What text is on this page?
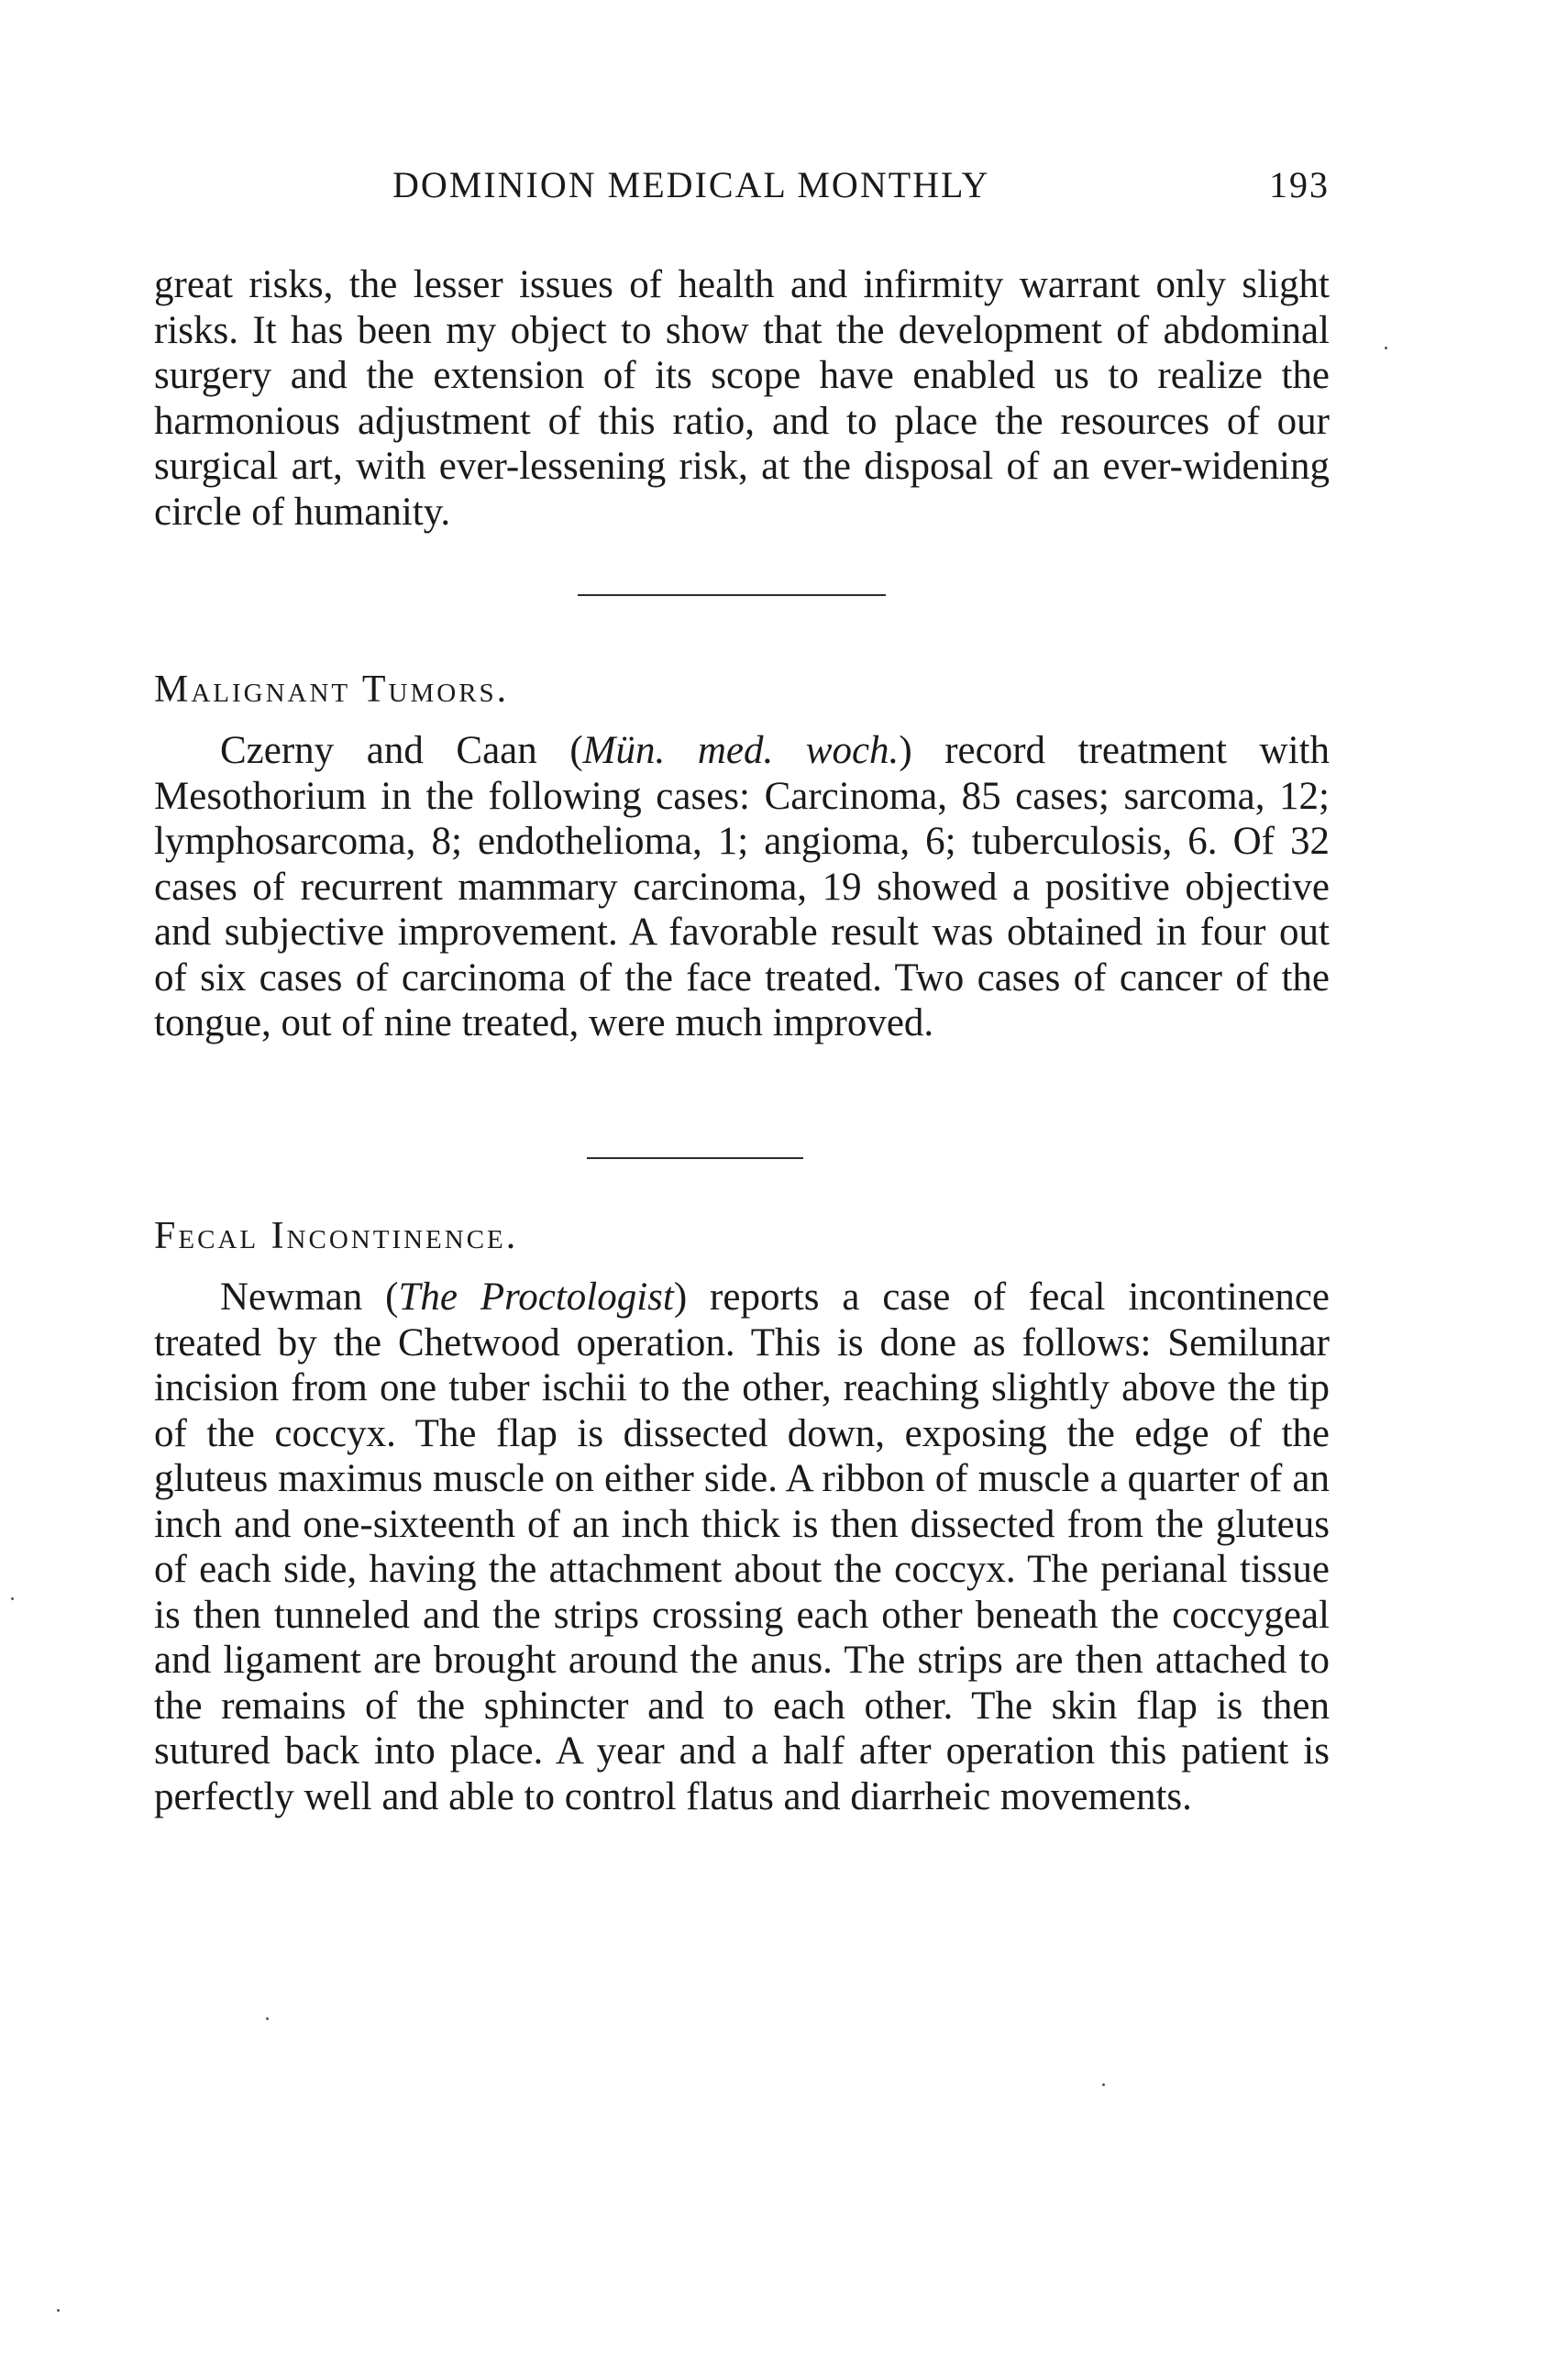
DOMINION MEDICAL MONTHLY	193

great risks, the lesser issues of health and infirmity warrant only slight risks. It has been my object to show that the development of abdominal surgery and the extension of its scope have enabled us to realize the harmonious adjustment of this ratio, and to place the resources of our surgical art, with ever-lessening risk, at the disposal of an ever-widening circle of humanity.

Malignant Tumors.

Czerny and Caan (Mün. med. woch.) record treatment with Mesothorium in the following cases: Carcinoma, 85 cases; sarcoma, 12; lymphosarcoma, 8; endothelioma, 1; angioma, 6; tuberculosis, 6. Of 32 cases of recurrent mammary carcinoma, 19 showed a positive objective and subjective improvement. A favorable result was obtained in four out of six cases of carcinoma of the face treated. Two cases of cancer of the tongue, out of nine treated, were much improved.

Fecal Incontinence.

Newman (The Proctologist) reports a case of fecal incontinence treated by the Chetwood operation. This is done as follows: Semilunar incision from one tuber ischii to the other, reaching slightly above the tip of the coccyx. The flap is dissected down, exposing the edge of the gluteus maximus muscle on either side. A ribbon of muscle a quarter of an inch and one-sixteenth of an inch thick is then dissected from the gluteus of each side, having the attachment about the coccyx. The perianal tissue is then tunneled and the strips crossing each other beneath the coccygeal and ligament are brought around the anus. The strips are then attached to the remains of the sphincter and to each other. The skin flap is then sutured back into place. A year and a half after operation this patient is perfectly well and able to control flatus and diarrheic movements.
